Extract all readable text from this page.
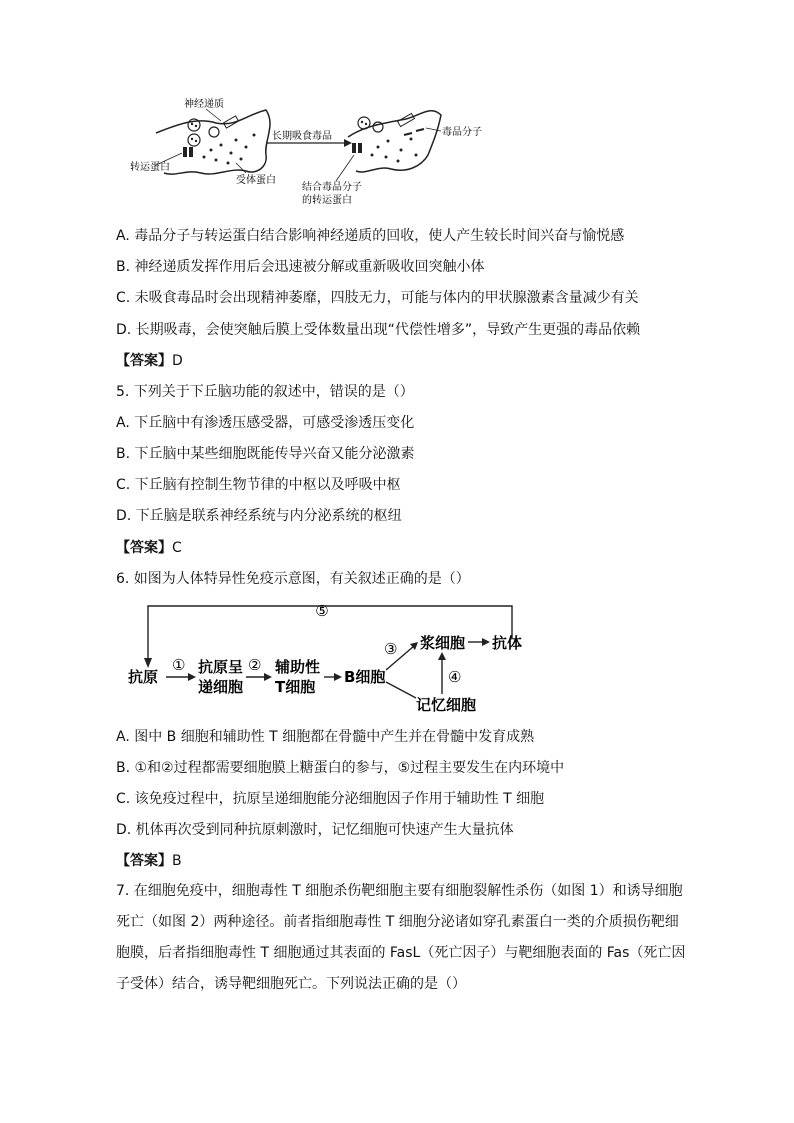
神经递质
转运蛋白
受体蛋白
长期吸食毒品	毒品分子
结合毒品分子
的转运蛋白
A. 毒品分子与转运蛋白结合影响神经递质的回收，使人产生较长时间兴奋与愉悦感
B. 神经递质发挥作用后会迅速被分解或重新吸收回突触小体
C. 未吸食毒品时会出现精神萎靡，四肢无力，可能与体内的甲状腺激素含量减少有关
D. 长期吸毒，会使突触后膜上受体数量出现“代偿性增多”，导致产生更强的毒品依赖
【答案】D
5. 下列关于下丘脑功能的叙述中，错误的是（）
A. 下丘脑中有渗透压感受器，可感受渗透压变化
B. 下丘脑中某些细胞既能传导兴奋又能分泌激素
C. 下丘脑有控制生物节律的中枢以及呼吸中枢
D. 下丘脑是联系神经系统与内分泌系统的枢纽
【答案】C
6. 如图为人体特异性免疫示意图，有关叙述正确的是（）
⑤
抗原
① 抗原呈
递细胞
② 辅助性
T细胞
B细胞
③ 浆细胞 抗体
记忆细胞
④
A. 图中 B 细胞和辅助性 T 细胞都在骨髓中产生并在骨髓中发育成熟
B. ①和②过程都需要细胞膜上糖蛋白的参与，⑤过程主要发生在内环境中
C. 该免疫过程中，抗原呈递细胞能分泌细胞因子作用于辅助性 T 细胞
D. 机体再次受到同种抗原刺激时，记忆细胞可快速产生大量抗体
【答案】B
7. 在细胞免疫中，细胞毒性 T 细胞杀伤靶细胞主要有细胞裂解性杀伤（如图 1）和诱导细胞死亡（如图 2）两种途径。前者指细胞毒性 T 细胞分泌诸如穿孔素蛋白一类的介质损伤靶细胞膜，后者指细胞毒性 T 细胞通过其表面的 FasL（死亡因子）与靶细胞表面的 Fas（死亡因子受体）结合，诱导靶细胞死亡。下列说法正确的是（）
